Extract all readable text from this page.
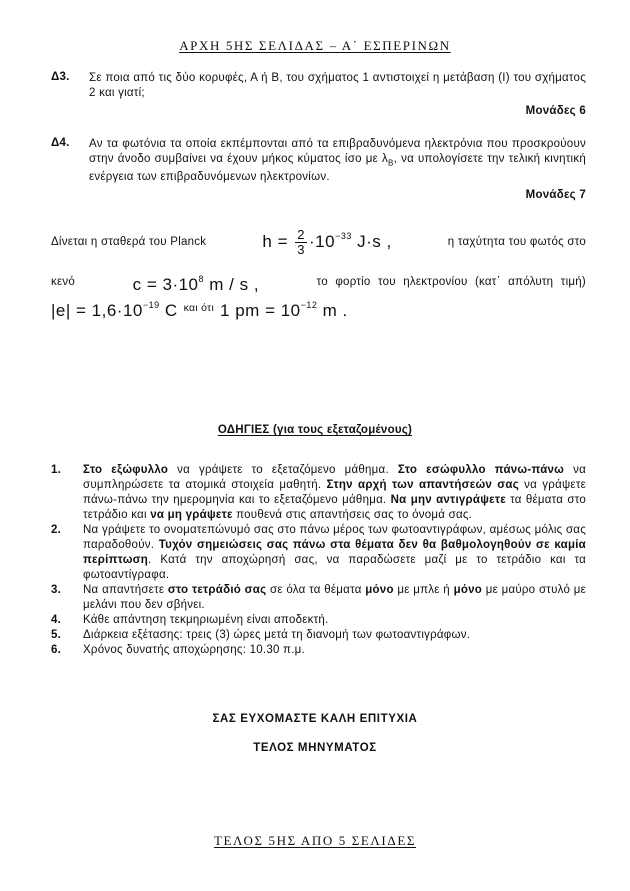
ΑΡΧΗ 5ΗΣ ΣΕΛΙΔΑΣ – Α΄ ΕΣΠΕΡΙΝΩΝ
Δ3. Σε ποια από τις δύο κορυφές, Α ή Β, του σχήματος 1 αντιστοιχεί η μετάβαση (Ι) του σχήματος 2 και γιατί;
Μονάδες 6
Δ4. Αν τα φωτόνια τα οποία εκπέμπονται από τα επιβραδυνόμενα ηλεκτρόνια που προσκρούουν στην άνοδο συμβαίνει να έχουν μήκος κύματος ίσο με $\lambda_B$, να υπολογίσετε την τελική κινητική ενέργεια των επιβραδυνόμενων ηλεκτρονίων.
Μονάδες 7
Δίνεται η σταθερά του Planck	$h = \frac{2}{3} \cdot 10^{-33}$ J·s ,	η ταχύτητα του φωτός στο
κενό	$c = 3\cdot 10^8$ m / s ,	το φορτίο του ηλεκτρονίου (κατ᾽ απόλυτη τιμή)
$|e| = 1,6\cdot 10^{-19}$ C και ότι 1 pm = $10^{-12}$ m .
ΟΔΗΓΙΕΣ (για τους εξεταζομένους)
1. Στο εξώφυλλο να γράψετε το εξεταζόμενο μάθημα. Στο εσώφυλλο πάνω-πάνω να συμπληρώσετε τα ατομικά στοιχεία μαθητή. Στην αρχή των απαντήσεών σας να γράψετε πάνω-πάνω την ημερομηνία και το εξεταζόμενο μάθημα. Να μην αντιγράψετε τα θέματα στο τετράδιο και να μη γράψετε πουθενά στις απαντήσεις σας το όνομά σας.
2. Να γράψετε το ονοματεπώνυμό σας στο πάνω μέρος των φωτοαντιγράφων, αμέσως μόλις σας παραδοθούν. Τυχόν σημειώσεις σας πάνω στα θέματα δεν θα βαθμολογηθούν σε καμία περίπτωση. Κατά την αποχώρησή σας, να παραδώσετε μαζί με το τετράδιο και τα φωτοαντίγραφα.
3. Να απαντήσετε στο τετράδιό σας σε όλα τα θέματα μόνο με μπλε ή μόνο με μαύρο στυλό με μελάνι που δεν σβήνει.
4. Κάθε απάντηση τεκμηριωμένη είναι αποδεκτή.
5. Διάρκεια εξέτασης: τρεις (3) ώρες μετά τη διανομή των φωτοαντιγράφων.
6. Χρόνος δυνατής αποχώρησης: 10.30 π.μ.
ΣΑΣ ΕΥΧΟΜΑΣΤΕ ΚΑΛΗ ΕΠΙΤΥΧΙΑ
ΤΕΛΟΣ ΜΗΝΥΜΑΤΟΣ
ΤΕΛΟΣ 5ΗΣ ΑΠΟ 5 ΣΕΛΙΔΕΣ
